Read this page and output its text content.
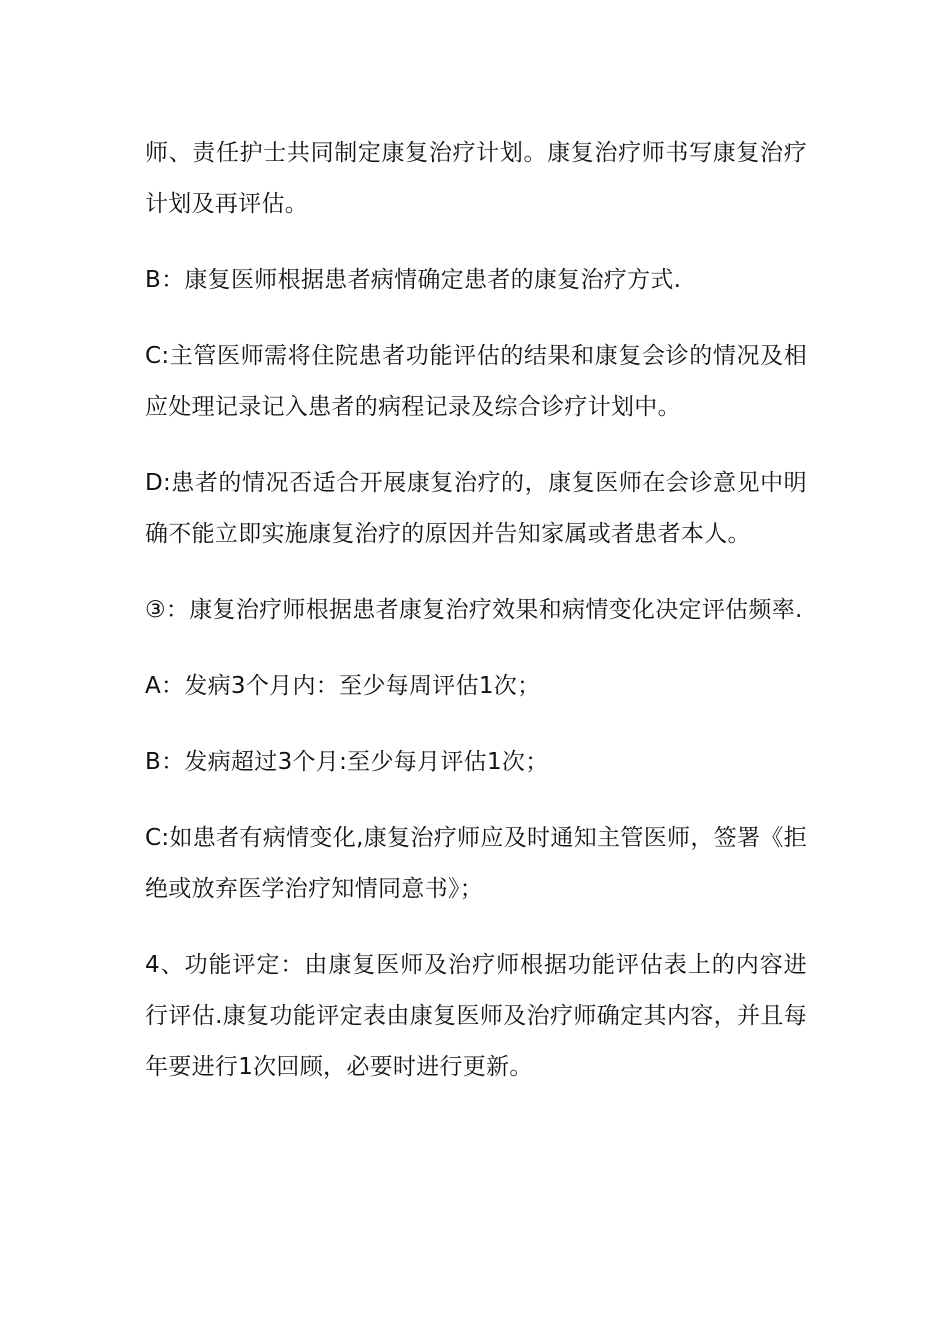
师、责任护士共同制定康复治疗计划。康复治疗师书写康复治疗计划及再评估。

B：康复医师根据患者病情确定患者的康复治疗方式.

C:主管医师需将住院患者功能评估的结果和康复会诊的情况及相应处理记录记入患者的病程记录及综合诊疗计划中。

D:患者的情况否适合开展康复治疗的，康复医师在会诊意见中明确不能立即实施康复治疗的原因并告知家属或者患者本人。

③：康复治疗师根据患者康复治疗效果和病情变化决定评估频率.

A：发病3个月内：至少每周评估1次；

B：发病超过3个月:至少每月评估1次；

C:如患者有病情变化,康复治疗师应及时通知主管医师，签署《拒绝或放弃医学治疗知情同意书》；

4、功能评定：由康复医师及治疗师根据功能评估表上的内容进行评估.康复功能评定表由康复医师及治疗师确定其内容，并且每年要进行1次回顾，必要时进行更新。
